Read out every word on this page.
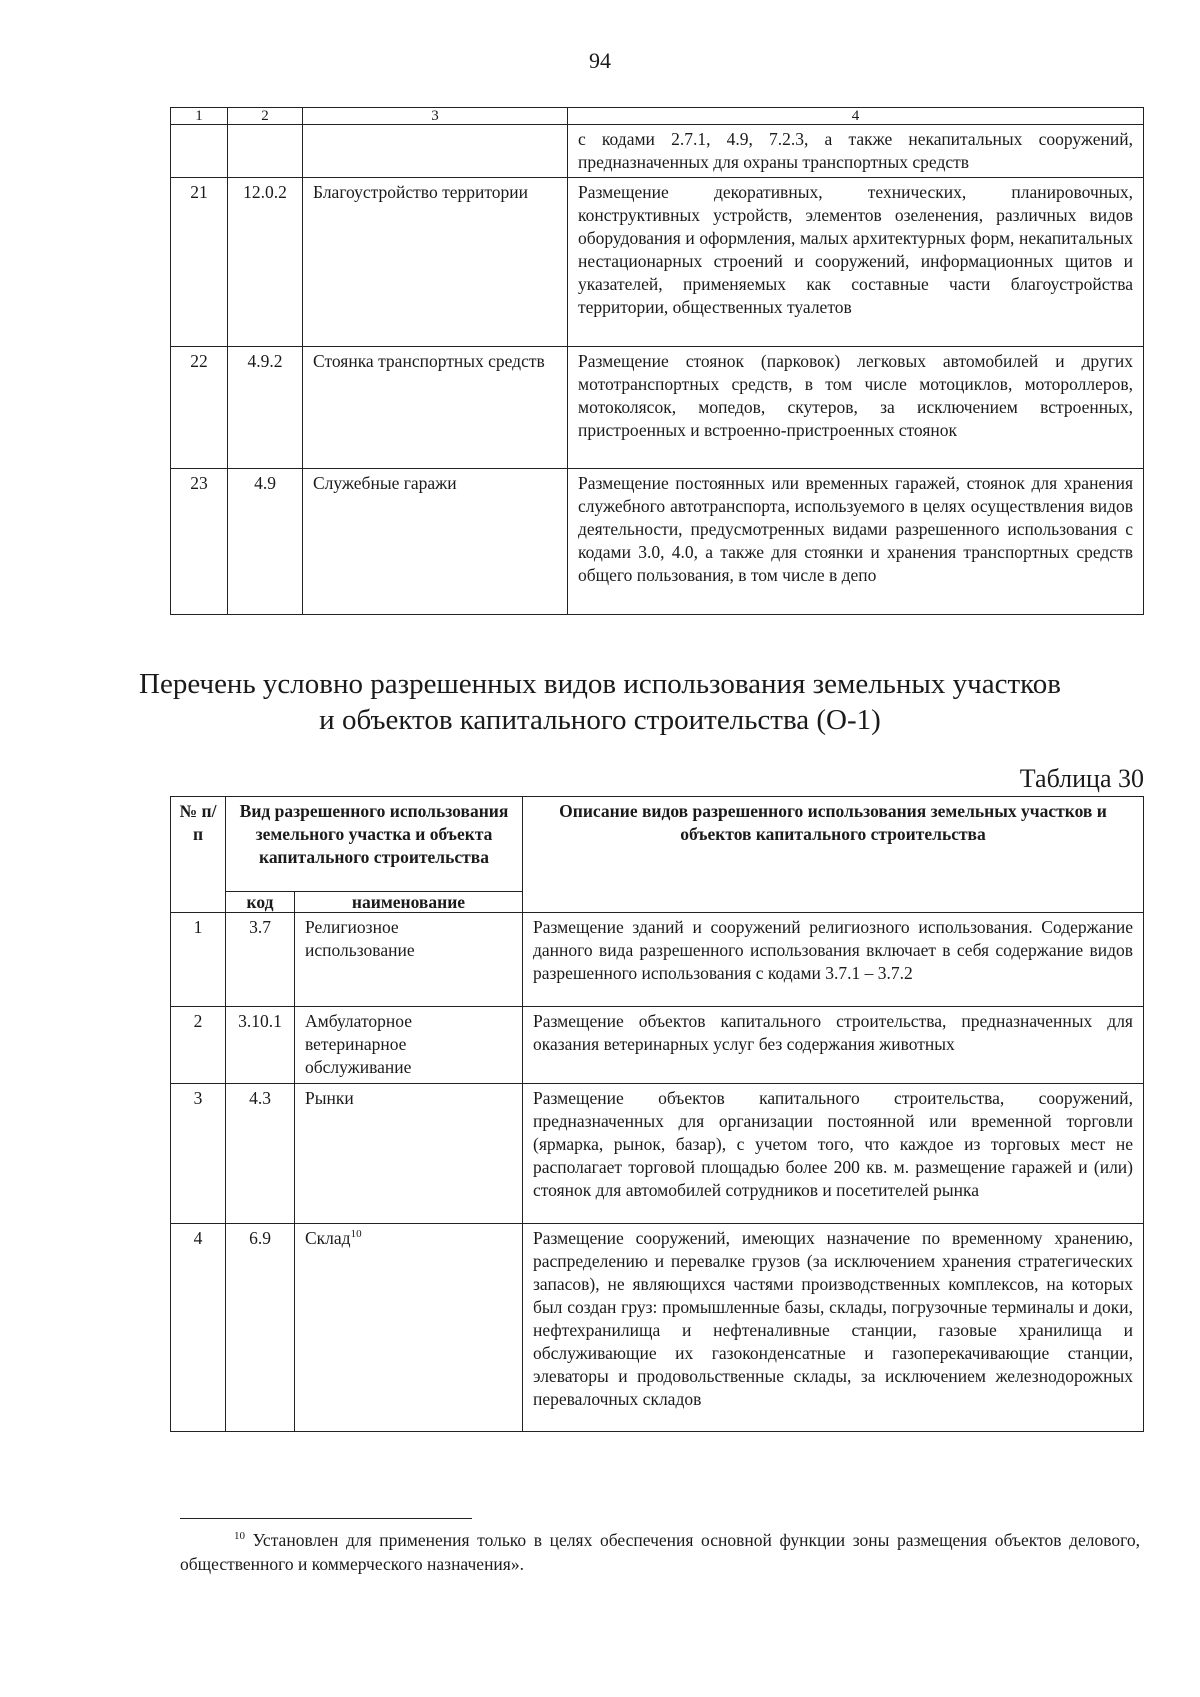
94
1	2	3	4
			с кодами 2.7.1, 4.9, 7.2.3, а также некапитальных сооружений, предназначенных для охраны транспортных средств
21	12.0.2	Благоустройство территории	Размещение декоративных, технических, планировочных, конструктивных устройств, элементов озеленения, различных видов оборудования и оформления, малых архитектурных форм, некапитальных нестационарных строений и сооружений, информационных щитов и указателей, применяемых как составные части благоустройства территории, общественных туалетов
22	4.9.2	Стоянка транспортных средств	Размещение стоянок (парковок) легковых автомобилей и других мототранспортных средств, в том числе мотоциклов, мотороллеров, мотоколясок, мопедов, скутеров, за исключением встроенных, пристроенных и встроенно-пристроенных стоянок
23	4.9	Служебные гаражи	Размещение постоянных или временных гаражей, стоянок для хранения служебного автотранспорта, используемого в целях осуществления видов деятельности, предусмотренных видами разрешенного использования с кодами 3.0, 4.0, а также для стоянки и хранения транспортных средств общего пользования, в том числе в депо
Перечень условно разрешенных видов использования земельных участков
и объектов капитального строительства (О-1)
Таблица 30
№ п/п	Вид разрешенного использования земельного участка и объекта капитального строительства		Описание видов разрешенного использования земельных участков и объектов капитального строительства
	код	наименование	
1	3.7	Религиозное использование	Размещение зданий и сооружений религиозного использования. Содержание данного вида разрешенного использования включает в себя содержание видов разрешенного использования с кодами 3.7.1 – 3.7.2
2	3.10.1	Амбулаторное ветеринарное обслуживание	Размещение объектов капитального строительства, предназначенных для оказания ветеринарных услуг без содержания животных
3	4.3	Рынки	Размещение объектов капитального строительства, сооружений, предназначенных для организации постоянной или временной торговли (ярмарка, рынок, базар), с учетом того, что каждое из торговых мест не располагает торговой площадью более 200 кв. м. размещение гаражей и (или) стоянок для автомобилей сотрудников и посетителей рынка
4	6.9	Склад$^{10}$	Размещение сооружений, имеющих назначение по временному хранению, распределению и перевалке грузов (за исключением хранения стратегических запасов), не являющихся частями производственных комплексов, на которых был создан груз: промышленные базы, склады, погрузочные терминалы и доки, нефтехранилища и нефтеналивные станции, газовые хранилища и обслуживающие их газоконденсатные и газоперекачивающие станции, элеваторы и продовольственные склады, за исключением железнодорожных перевалочных складов
$^{10}$ Установлен для применения только в целях обеспечения основной функции зоны размещения объектов делового, общественного и коммерческого назначения».
